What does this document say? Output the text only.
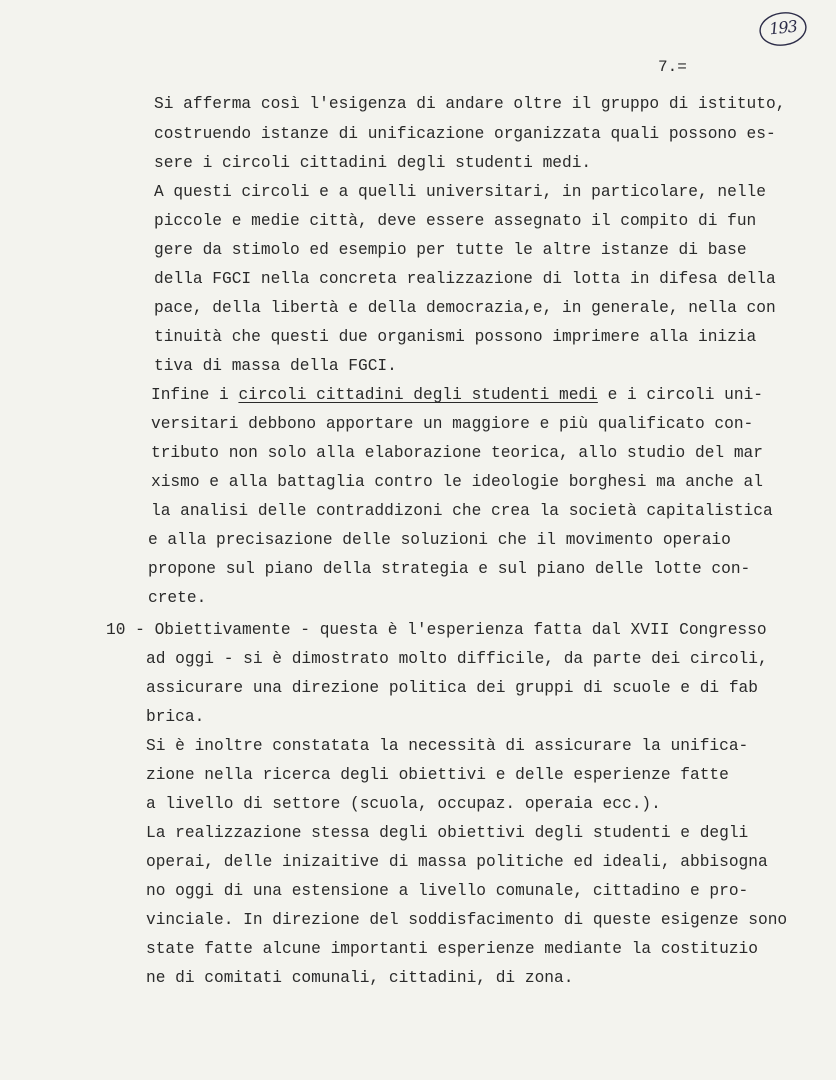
193
7.=
Si afferma così l'esigenza di andare oltre il gruppo di istituto,
costruendo istanze di unificazione organizzata quali possono es-
sere i circoli cittadini degli studenti medi.
A questi circoli e a quelli universitari, in particolare, nelle
piccole e medie città, deve essere assegnato il compito di fun
gere da stimolo ed esempio per tutte le altre istanze di base
della FGCI nella concreta realizzazione di lotta in difesa della
pace, della libertà e della democrazia,e, in generale, nella con
tinuità che questi due organismi possono imprimere alla inizia
tiva di massa della FGCI.
Infine i circoli cittadini degli studenti medi e i circoli uni-
versitari debbono apportare un maggiore e più qualificato con-
tributo non solo alla elaborazione teorica, allo studio del mar
xismo e alla battaglia contro le ideologie borghesi ma anche al
la analisi delle contraddizoni che crea la società capitalistica
e alla precisazione delle soluzioni che il movimento operaio
propone sul piano della strategia e sul piano delle lotte con-
crete.
10 - Obiettivamente - questa è l'esperienza fatta dal XVII Congresso
ad oggi - si è dimostrato molto difficile, da parte dei circoli,
assicurare una direzione politica dei gruppi di scuole e di fab
brica.
Si è inoltre constatata la necessità di assicurare la unifica-
zione nella ricerca degli obiettivi e delle esperienze fatte
a livello di settore (scuola, occupaz. operaia ecc.).
La realizzazione stessa degli obiettivi degli studenti e degli
operai, delle inizaitive di massa politiche ed ideali, abbisogna
no oggi di una estensione a livello comunale, cittadino e pro-
vinciale. In direzione del soddisfacimento di queste esigenze sono
state fatte alcune importanti esperienze mediante la costituzio
ne di comitati comunali, cittadini, di zona.
